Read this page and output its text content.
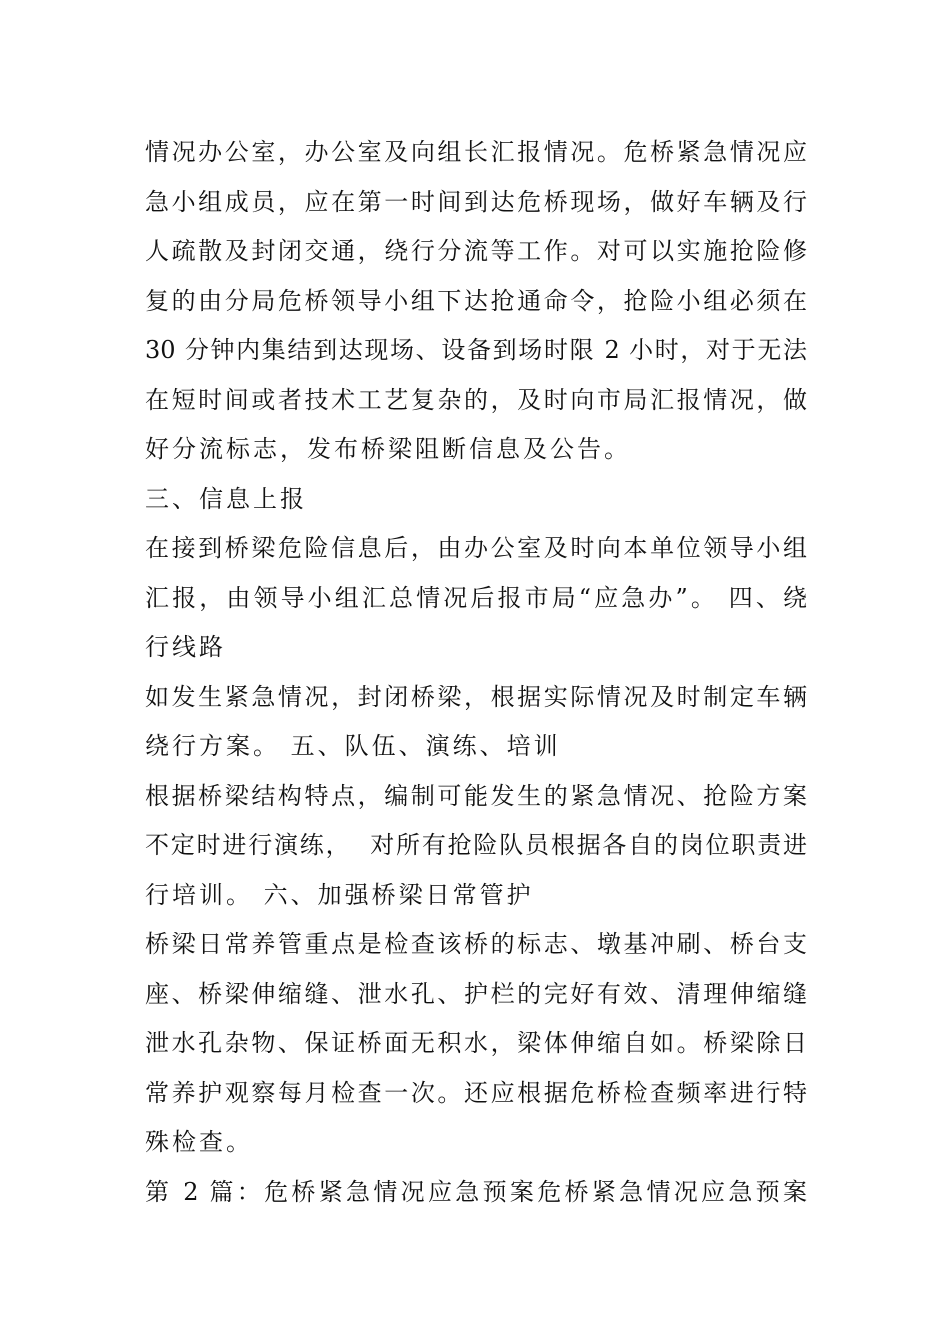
情况办公室，办公室及向组长汇报情况。危桥紧急情况应
急小组成员，应在第一时间到达危桥现场，做好车辆及行
人疏散及封闭交通，绕行分流等工作。对可以实施抢险修
复的由分局危桥领导小组下达抢通命令，抢险小组必须在
30 分钟内集结到达现场、设备到场时限 2 小时，对于无法
在短时间或者技术工艺复杂的，及时向市局汇报情况，做
好分流标志，发布桥梁阻断信息及公告。
三、信息上报
在接到桥梁危险信息后，由办公室及时向本单位领导小组
汇报，由领导小组汇总情况后报市局“应急办”。 四、绕
行线路
如发生紧急情况，封闭桥梁，根据实际情况及时制定车辆
绕行方案。 五、队伍、演练、培训
根据桥梁结构特点，编制可能发生的紧急情况、抢险方案
不定时进行演练，  对所有抢险队员根据各自的岗位职责进
行培训。 六、加强桥梁日常管护
桥梁日常养管重点是检查该桥的标志、墩基冲刷、桥台支
座、桥梁伸缩缝、泄水孔、护栏的完好有效、清理伸缩缝
泄水孔杂物、保证桥面无积水，梁体伸缩自如。桥梁除日
常养护观察每月检查一次。还应根据危桥检查频率进行特
殊检查。
第 2 篇：危桥紧急情况应急预案危桥紧急情况应急预案
